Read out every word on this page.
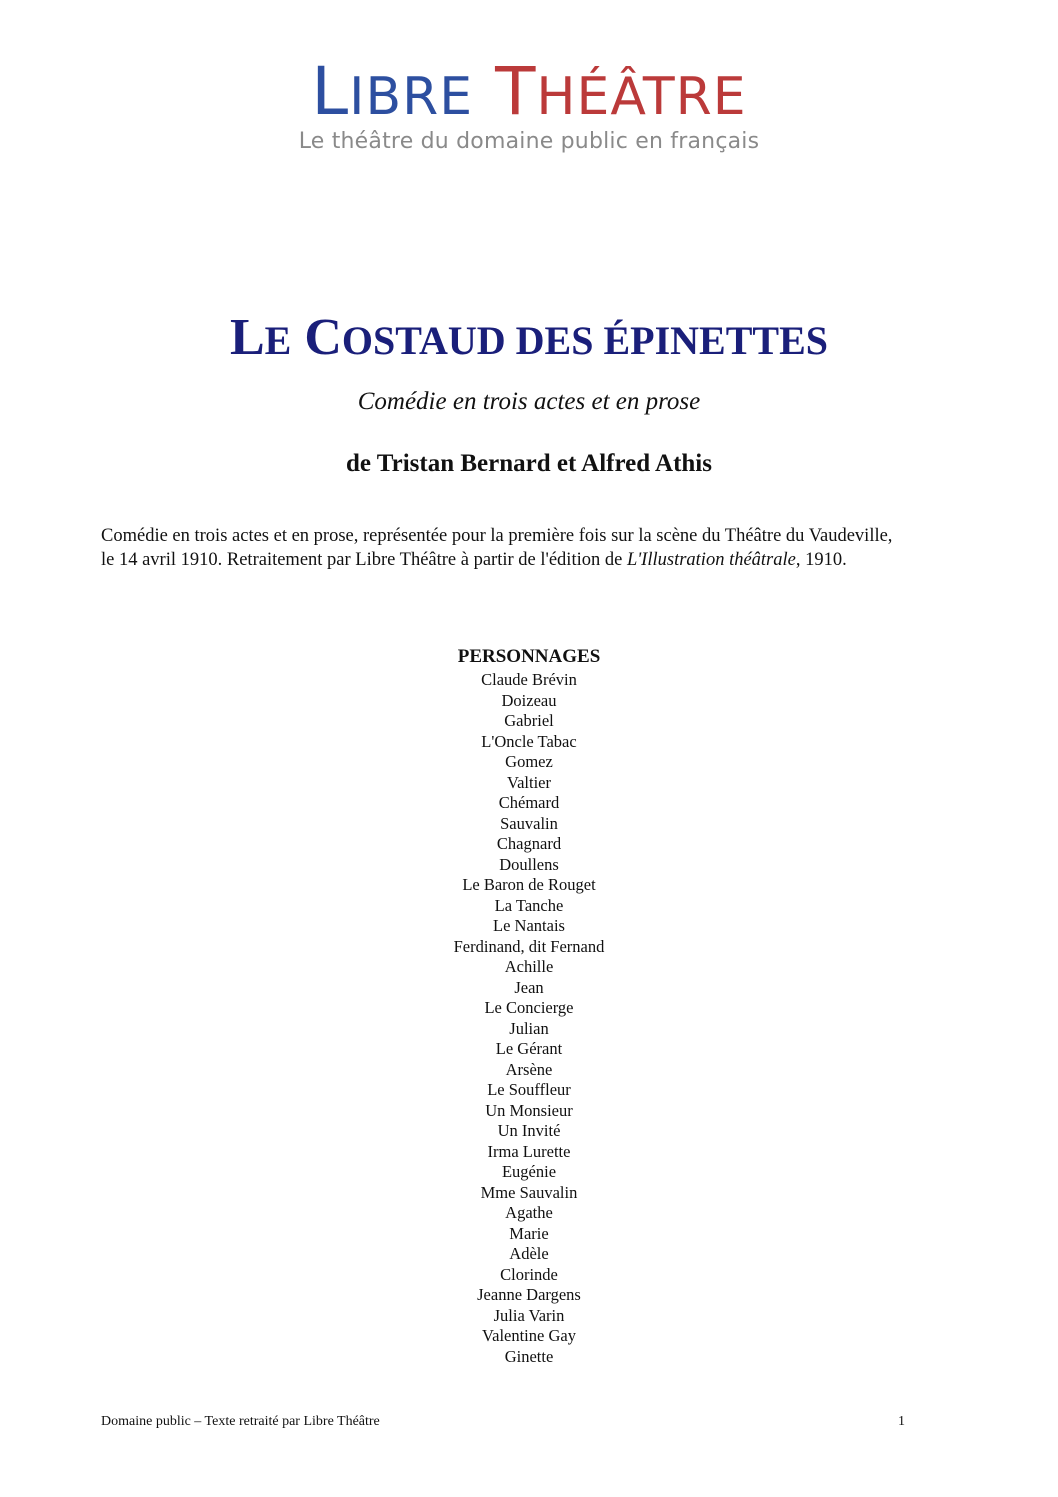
LIBRE THÉÂTRE
Le théâtre du domaine public en français
LE COSTAUD DES ÉPINETTES
Comédie en trois actes et en prose
de Tristan Bernard et Alfred Athis
Comédie en trois actes et en prose, représentée pour la première fois sur la scène du Théâtre du Vaudeville,
le 14 avril 1910. Retraitement par Libre Théâtre à partir de l'édition de L'Illustration théâtrale, 1910.
PERSONNAGES
Claude Brévin
Doizeau
Gabriel
L'Oncle Tabac
Gomez
Valtier
Chémard
Sauvalin
Chagnard
Doullens
Le Baron de Rouget
La Tanche
Le Nantais
Ferdinand, dit Fernand
Achille
Jean
Le Concierge
Julian
Le Gérant
Arsène
Le Souffleur
Un Monsieur
Un Invité
Irma Lurette
Eugénie
Mme Sauvalin
Agathe
Marie
Adèle
Clorinde
Jeanne Dargens
Julia Varin
Valentine Gay
Ginette
Domaine public – Texte retraité par Libre Théâtre	1
